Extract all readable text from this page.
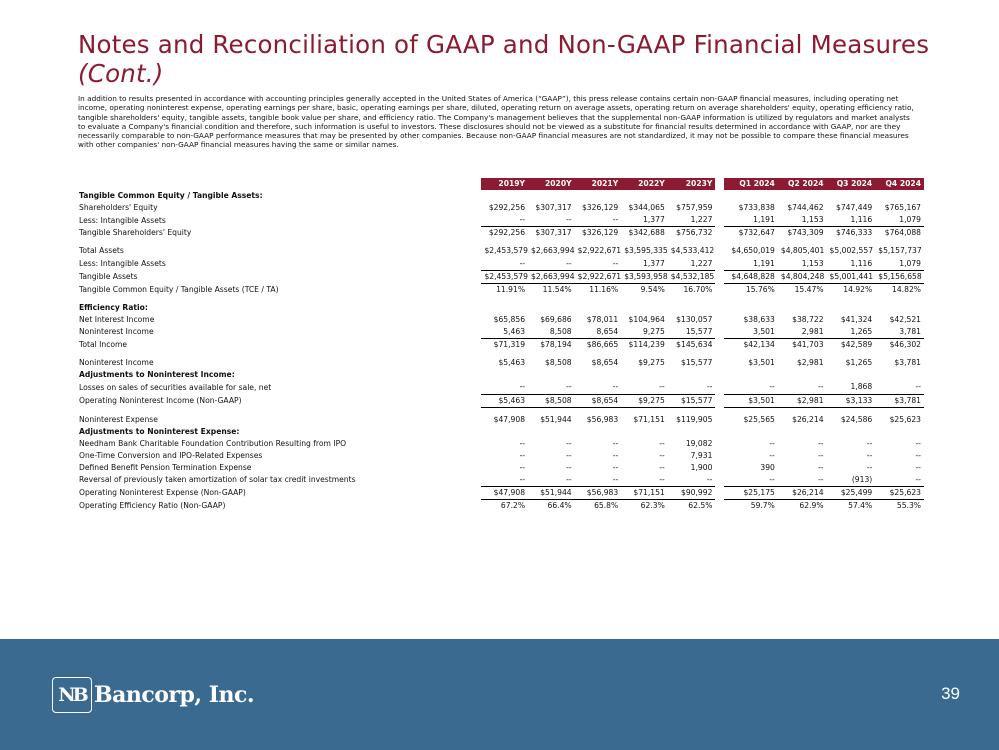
Notes and Reconciliation of GAAP and Non-GAAP Financial Measures (Cont.)

In addition to results presented in accordance with accounting principles generally accepted in the United States of America (“GAAP”), this press release contains certain non-GAAP financial measures, including operating net income, operating noninterest expense, operating earnings per share, basic, operating earnings per share, diluted, operating return on average assets, operating return on average shareholders' equity, operating efficiency ratio, tangible shareholders' equity, tangible assets, tangible book value per share, and efficiency ratio. The Company's management believes that the supplemental non-GAAP information is utilized by regulators and market analysts to evaluate a Company's financial condition and therefore, such information is useful to investors. These disclosures should not be viewed as a substitute for financial results determined in accordance with GAAP, nor are they necessarily comparable to non-GAAP performance measures that may be presented by other companies. Because non-GAAP financial measures are not standardized, it may not be possible to compare these financial measures with other companies' non-GAAP financial measures having the same or similar names.

$ in thousands	2019Y	2020Y	2021Y	2022Y	2023Y		Q1 2024	Q2 2024	Q3 2024	Q4 2024
Tangible Common Equity / Tangible Assets:										
Shareholders' Equity	$292,256	$307,317	$326,129	$344,065	$757,959		$733,838	$744,462	$747,449	$765,167
Less: Intangible Assets	--	--	--	1,377	1,227		1,191	1,153	1,116	1,079
Tangible Shareholders' Equity	$292,256	$307,317	$326,129	$342,688	$756,732		$732,647	$743,309	$746,333	$764,088

Total Assets	$2,453,579	$2,663,994	$2,922,671	$3,595,335	$4,533,412		$4,650,019	$4,805,401	$5,002,557	$5,157,737
Less: Intangible Assets	--	--	--	1,377	1,227		1,191	1,153	1,116	1,079
Tangible Assets	$2,453,579	$2,663,994	$2,922,671	$3,593,958	$4,532,185		$4,648,828	$4,804,248	$5,001,441	$5,156,658
Tangible Common Equity / Tangible Assets (TCE / TA)	11.91%	11.54%	11.16%	9.54%	16.70%		15.76%	15.47%	14.92%	14.82%

Efficiency Ratio:										
Net Interest Income	$65,856	$69,686	$78,011	$104,964	$130,057		$38,633	$38,722	$41,324	$42,521
Noninterest Income	5,463	8,508	8,654	9,275	15,577		3,501	2,981	1,265	3,781
Total Income	$71,319	$78,194	$86,665	$114,239	$145,634		$42,134	$41,703	$42,589	$46,302

Noninterest Income	$5,463	$8,508	$8,654	$9,275	$15,577		$3,501	$2,981	$1,265	$3,781
Adjustments to Noninterest Income:										
Losses on sales of securities available for sale, net	--	--	--	--	--		--	--	1,868	--
Operating Noninterest Income (Non-GAAP)	$5,463	$8,508	$8,654	$9,275	$15,577		$3,501	$2,981	$3,133	$3,781

Noninterest Expense	$47,908	$51,944	$56,983	$71,151	$119,905		$25,565	$26,214	$24,586	$25,623
Adjustments to Noninterest Expense:										
Needham Bank Charitable Foundation Contribution Resulting from IPO	--	--	--	--	19,082		--	--	--	--
One-Time Conversion and IPO-Related Expenses	--	--	--	--	7,931		--	--	--	--
Defined Benefit Pension Termination Expense	--	--	--	--	1,900		390	--	--	--
Reversal of previously taken amortization of solar tax credit investments	--	--	--	--	--		--	--	(913)	--
Operating Noninterest Expense (Non-GAAP)	$47,908	$51,944	$56,983	$71,151	$90,992		$25,175	$26,214	$25,499	$25,623
Operating Efficiency Ratio (Non-GAAP)	67.2%	66.4%	65.8%	62.3%	62.5%		59.7%	62.9%	57.4%	55.3%
NB Bancorp, Inc.	39
